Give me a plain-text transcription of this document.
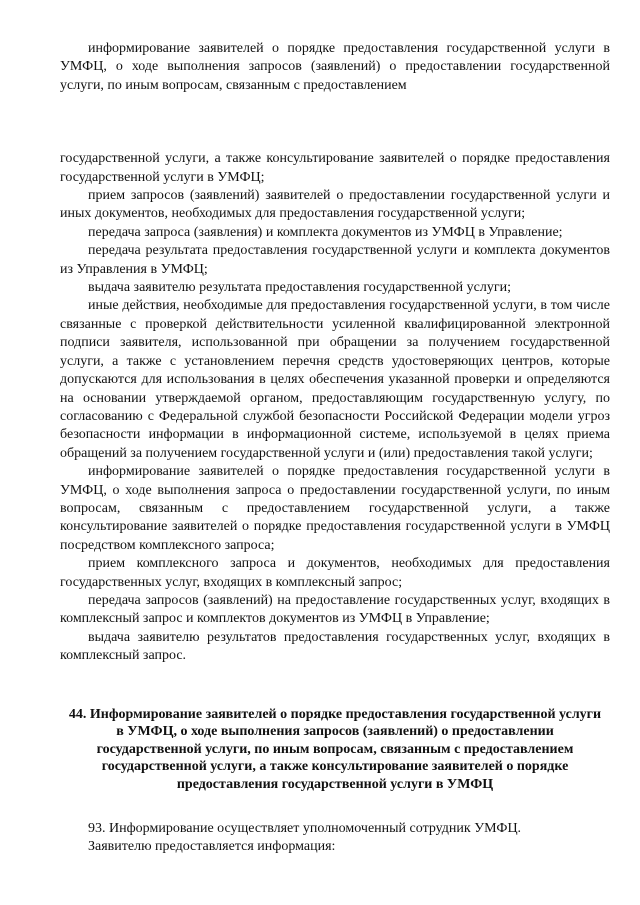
информирование заявителей о порядке предоставления государственной услуги в УМФЦ, о ходе выполнения запросов (заявлений) о предоставлении государственной услуги, по иным вопросам, связанным с предоставлением

государственной услуги, а также консультирование заявителей о порядке предоставления государственной услуги в УМФЦ;

прием запросов (заявлений) заявителей о предоставлении государственной услуги и иных документов, необходимых для предоставления государственной услуги;

передача запроса (заявления) и комплекта документов из УМФЦ в Управление;

передача результата предоставления государственной услуги и комплекта документов из Управления в УМФЦ;

выдача заявителю результата предоставления государственной услуги;

иные действия, необходимые для предоставления государственной услуги, в том числе связанные с проверкой действительности усиленной квалифицированной электронной подписи заявителя, использованной при обращении за получением государственной услуги, а также с установлением перечня средств удостоверяющих центров, которые допускаются для использования в целях обеспечения указанной проверки и определяются на основании утверждаемой органом, предоставляющим государственную услугу, по согласованию с Федеральной службой безопасности Российской Федерации модели угроз безопасности информации в информационной системе, используемой в целях приема обращений за получением государственной услуги и (или) предоставления такой услуги;

информирование заявителей о порядке предоставления государственной услуги в УМФЦ, о ходе выполнения запроса о предоставлении государственной услуги, по иным вопросам, связанным с предоставлением государственной услуги, а также консультирование заявителей о порядке предоставления государственной услуги в УМФЦ посредством комплексного запроса;

прием комплексного запроса и документов, необходимых для предоставления государственных услуг, входящих в комплексный запрос;

передача запросов (заявлений) на предоставление государственных услуг, входящих в комплексный запрос и комплектов документов из УМФЦ в Управление;

выдача заявителю результатов предоставления государственных услуг, входящих в комплексный запрос.

44. Информирование заявителей о порядке предоставления государственной услуги в УМФЦ, о ходе выполнения запросов (заявлений) о предоставлении государственной услуги, по иным вопросам, связанным с предоставлением государственной услуги, а также консультирование заявителей о порядке предоставления государственной услуги в УМФЦ

93. Информирование осуществляет уполномоченный сотрудник УМФЦ.

Заявителю предоставляется информация:
